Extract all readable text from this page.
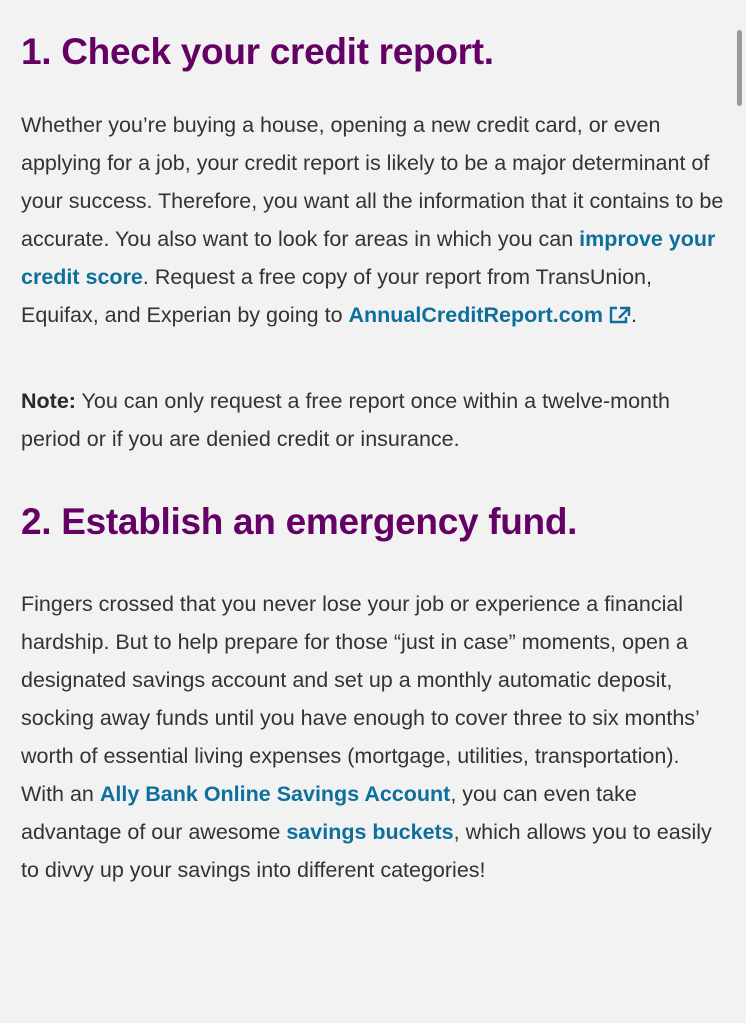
1. Check your credit report.

Whether you’re buying a house, opening a new credit card, or even applying for a job, your credit report is likely to be a major determinant of your success. Therefore, you want all the information that it contains to be accurate. You also want to look for areas in which you can improve your credit score. Request a free copy of your report from TransUnion, Equifax, and Experian by going to AnnualCreditReport.com .

Note: You can only request a free report once within a twelve-month period or if you are denied credit or insurance.

2. Establish an emergency fund.

Fingers crossed that you never lose your job or experience a financial hardship. But to help prepare for those “just in case” moments, open a designated savings account and set up a monthly automatic deposit, socking away funds until you have enough to cover three to six months’ worth of essential living expenses (mortgage, utilities, transportation). With an Ally Bank Online Savings Account, you can even take advantage of our awesome savings buckets, which allows you to easily to divvy up your savings into different categories!
